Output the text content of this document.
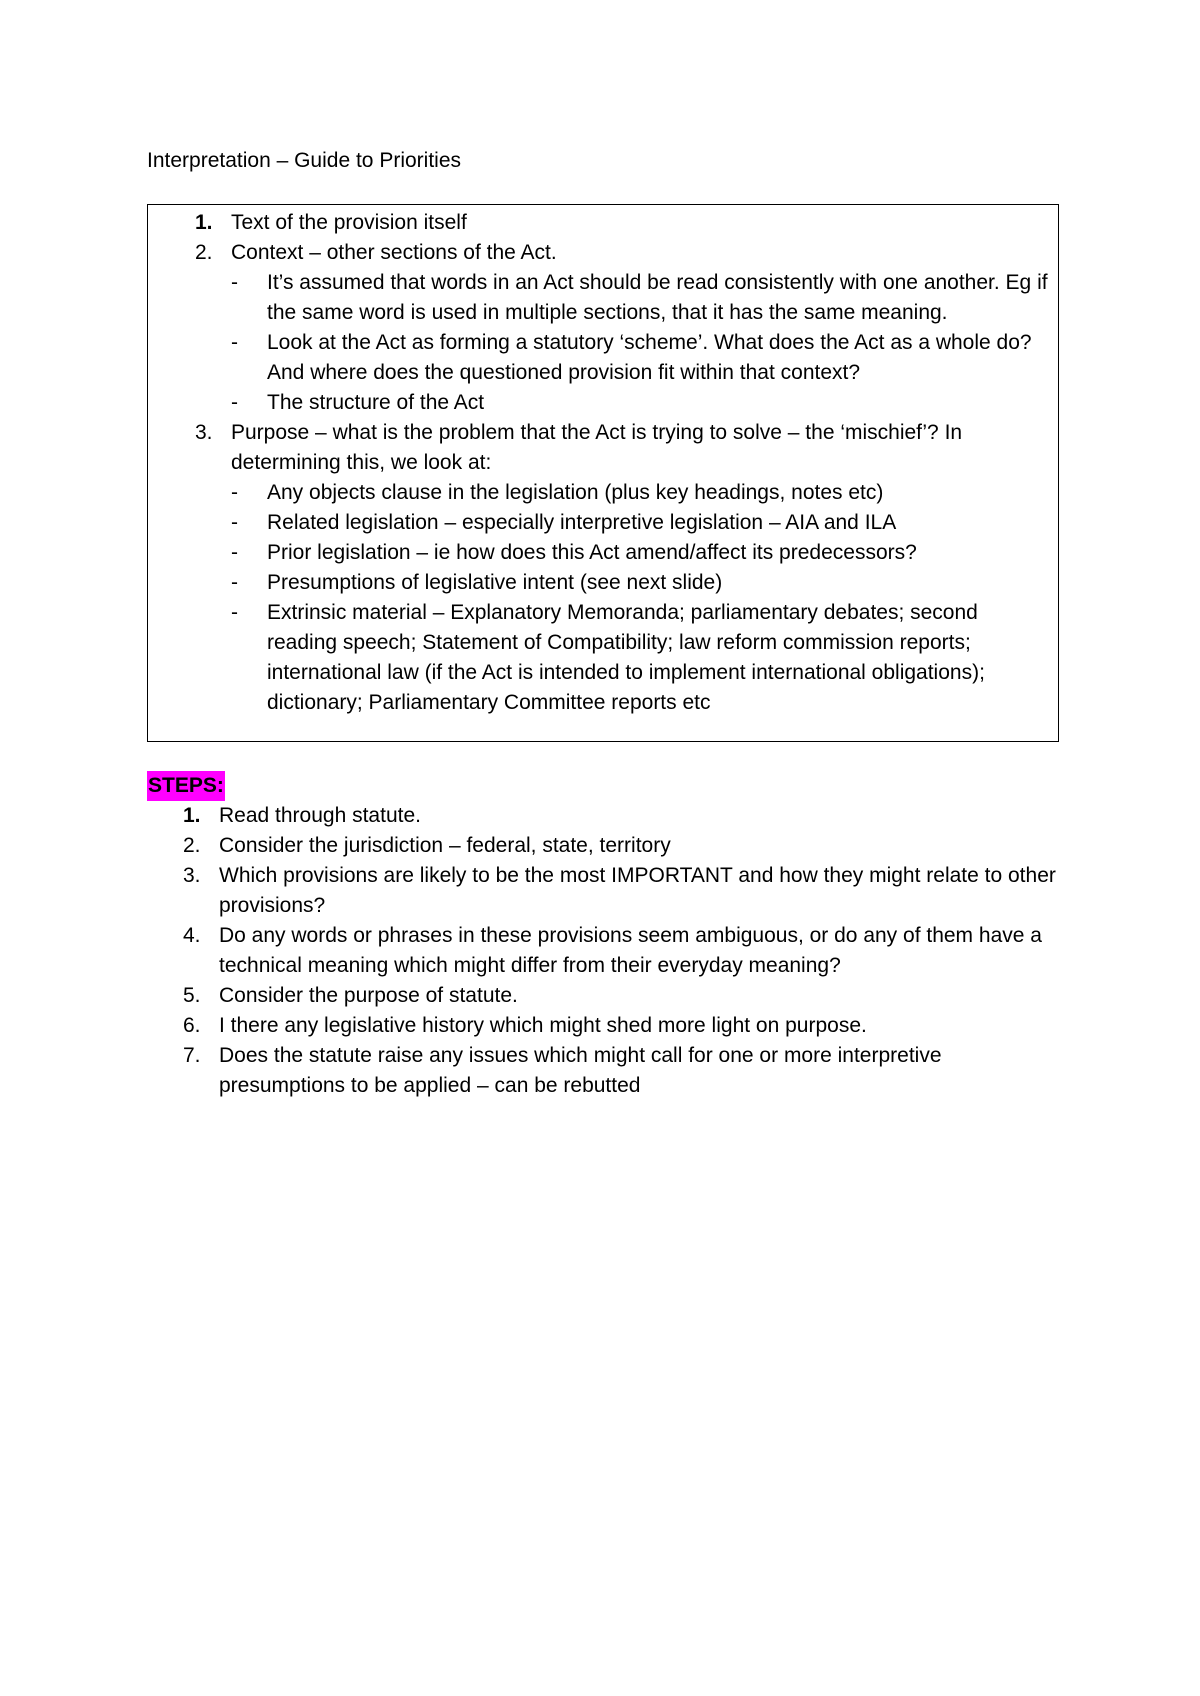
Interpretation – Guide to Priorities
1. Text of the provision itself
2. Context – other sections of the Act.
- It’s assumed that words in an Act should be read consistently with one another. Eg if the same word is used in multiple sections, that it has the same meaning.
- Look at the Act as forming a statutory ‘scheme’. What does the Act as a whole do? And where does the questioned provision fit within that context?
- The structure of the Act
3. Purpose – what is the problem that the Act is trying to solve – the ‘mischief’? In determining this, we look at:
- Any objects clause in the legislation (plus key headings, notes etc)
- Related legislation – especially interpretive legislation – AIA and ILA
- Prior legislation – ie how does this Act amend/affect its predecessors?
- Presumptions of legislative intent (see next slide)
- Extrinsic material – Explanatory Memoranda; parliamentary debates; second reading speech; Statement of Compatibility; law reform commission reports; international law (if the Act is intended to implement international obligations); dictionary; Parliamentary Committee reports etc
STEPS:
1. Read through statute.
2. Consider the jurisdiction – federal, state, territory
3. Which provisions are likely to be the most IMPORTANT and how they might relate to other provisions?
4. Do any words or phrases in these provisions seem ambiguous, or do any of them have a technical meaning which might differ from their everyday meaning?
5. Consider the purpose of statute.
6. I there any legislative history which might shed more light on purpose.
7. Does the statute raise any issues which might call for one or more interpretive presumptions to be applied – can be rebutted
